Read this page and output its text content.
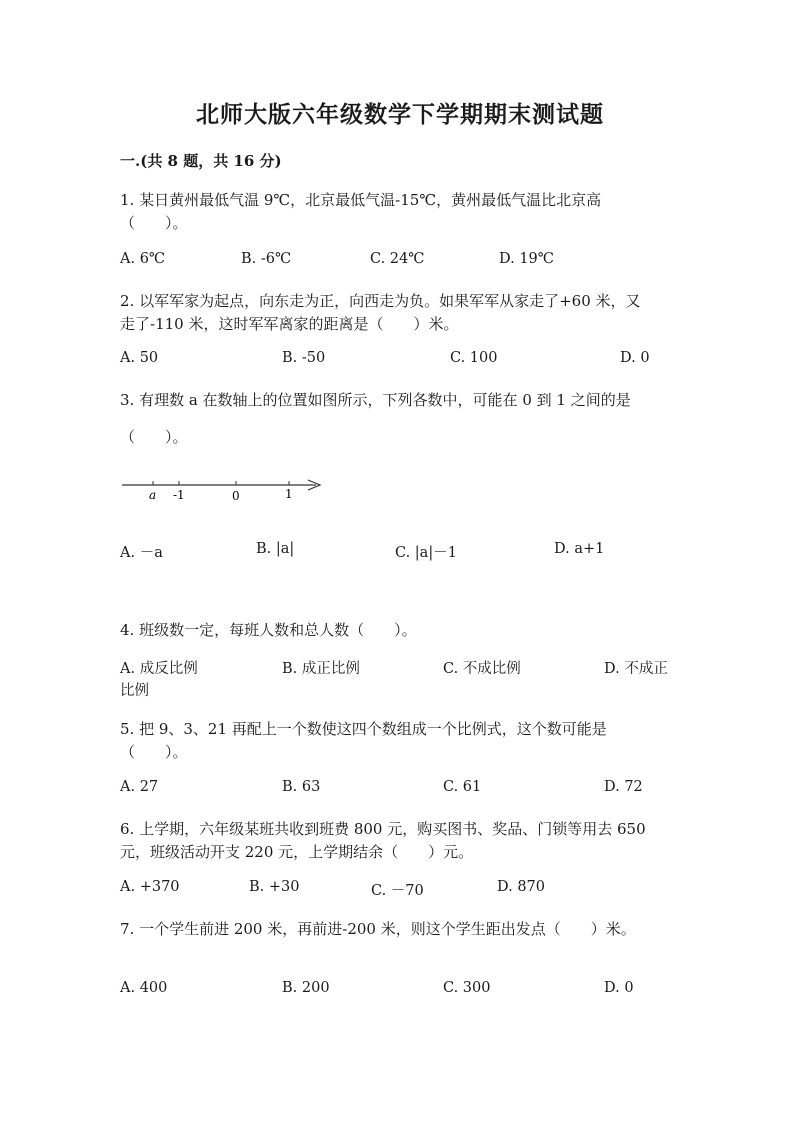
北师大版六年级数学下学期期末测试题
一.(共 8 题，共 16 分)
1. 某日黄州最低气温 9℃，北京最低气温-15℃，黄州最低气温比北京高
（　　）。
A. 6℃	B. -6℃	C. 24℃	D. 19℃
2. 以军军家为起点，向东走为正，向西走为负。如果军军从家走了+60 米，又
走了-110 米，这时军军离家的距离是（　　）米。
A. 50	B. -50	C. 100	D. 0
3. 有理数 a 在数轴上的位置如图所示，下列各数中，可能在 0 到 1 之间的是
（　　）。
a -1	0	1
A. －a	B. |a|	C. |a|－1	D. a+1
4. 班级数一定，每班人数和总人数（　　）。
A. 成反比例	B. 成正比例	C. 不成比例	D. 不成正
比例
5. 把 9、3、21 再配上一个数使这四个数组成一个比例式，这个数可能是
（　　）。
A. 27	B. 63	C. 61	D. 72
6. 上学期，六年级某班共收到班费 800 元，购买图书、奖品、门锁等用去 650
元，班级活动开支 220 元，上学期结余（　　）元。
A. +370	B. +30	C. －70	D. 870
7. 一个学生前进 200 米，再前进-200 米，则这个学生距出发点（　　）米。
A. 400	B. 200	C. 300	D. 0
